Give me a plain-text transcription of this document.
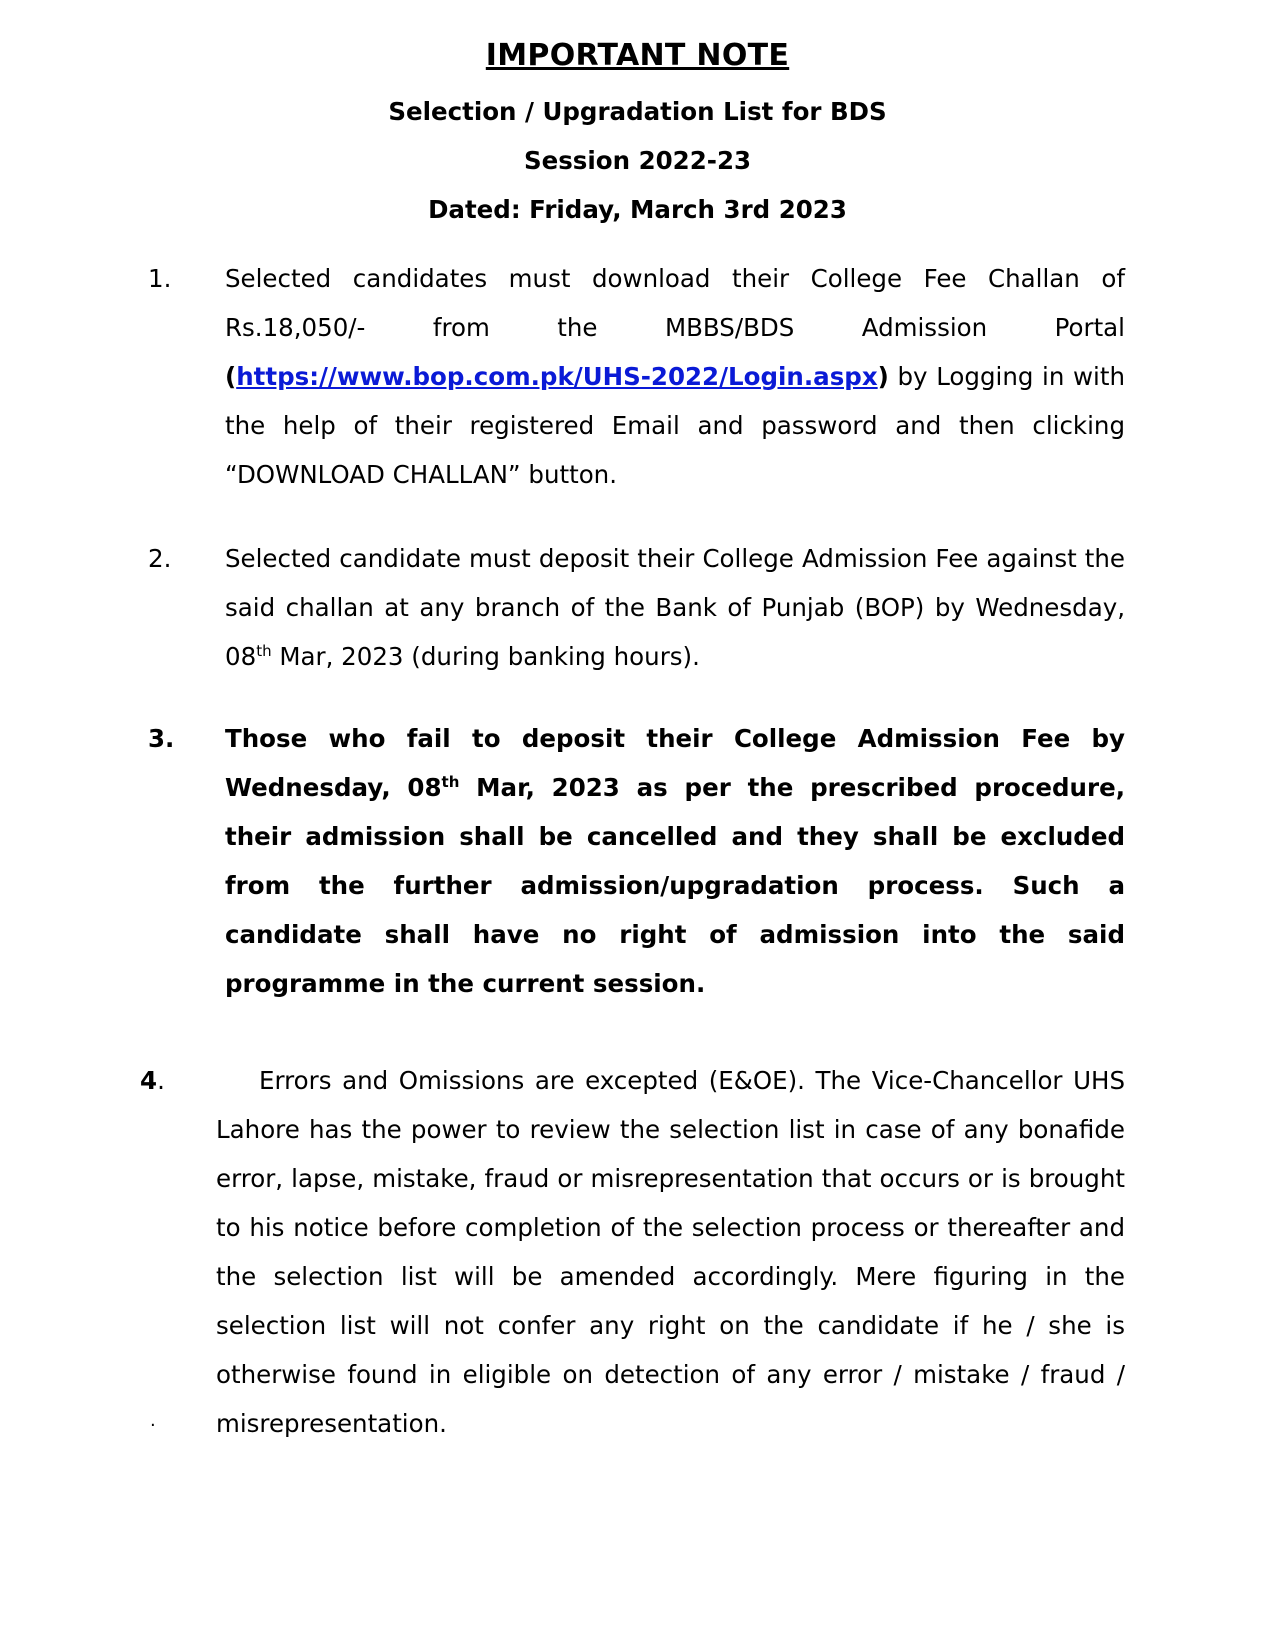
IMPORTANT NOTE
Selection / Upgradation List for BDS
Session 2022-23
Dated: Friday, March 3rd 2023
1. Selected candidates must download their College Fee Challan of Rs.18,050/- from the MBBS/BDS Admission Portal (https://www.bop.com.pk/UHS-2022/Login.aspx) by Logging in with the help of their registered Email and password and then clicking “DOWNLOAD CHALLAN” button.
2. Selected candidate must deposit their College Admission Fee against the said challan at any branch of the Bank of Punjab (BOP) by Wednesday, 08th Mar, 2023 (during banking hours).
3. Those who fail to deposit their College Admission Fee by Wednesday, 08th Mar, 2023 as per the prescribed procedure, their admission shall be cancelled and they shall be excluded from the further admission/upgradation process. Such a candidate shall have no right of admission into the said programme in the current session.
4.	Errors and Omissions are excepted (E&OE). The Vice-Chancellor UHS Lahore has the power to review the selection list in case of any bonafide error, lapse, mistake, fraud or misrepresentation that occurs or is brought to his notice before completion of the selection process or thereafter and the selection list will be amended accordingly. Mere figuring in the selection list will not confer any right on the candidate if he / she is otherwise found in eligible on detection of any error / mistake / fraud / misrepresentation.
.
